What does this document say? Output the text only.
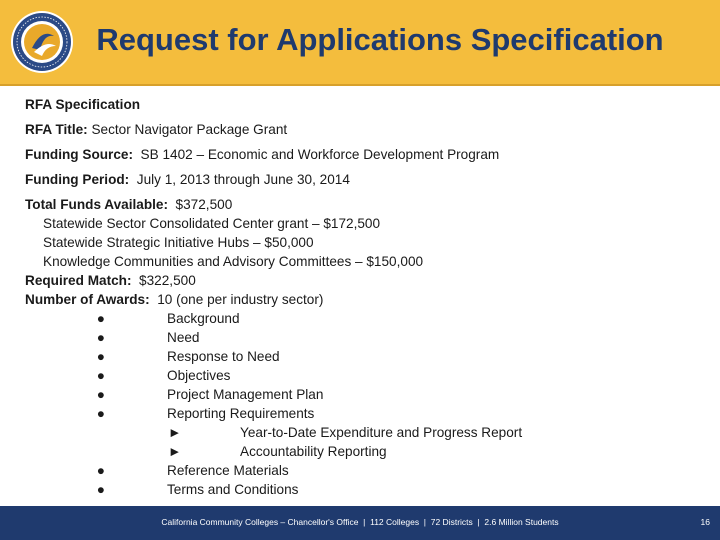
Request for Applications Specification
RFA Specification
RFA Title: Sector Navigator Package Grant
Funding Source:  SB 1402 – Economic and Workforce Development Program
Funding Period:  July 1, 2013 through June 30, 2014
Total Funds Available:  $372,500
Statewide Sector Consolidated Center grant – $172,500
Statewide Strategic Initiative Hubs – $50,000
Knowledge Communities and Advisory Committees – $150,000
Required Match:  $322,500
Number of Awards:  10 (one per industry sector)
●	Background
●	Need
●	Response to Need
●	Objectives
●	Project Management Plan
●	Reporting Requirements
►	Year-to-Date Expenditure and Progress Report
►	Accountability Reporting
●	Reference Materials
●	Terms and Conditions
California Community Colleges – Chancellor's Office  |  112 Colleges  |  72 Districts  |  2.6 Million Students	16
